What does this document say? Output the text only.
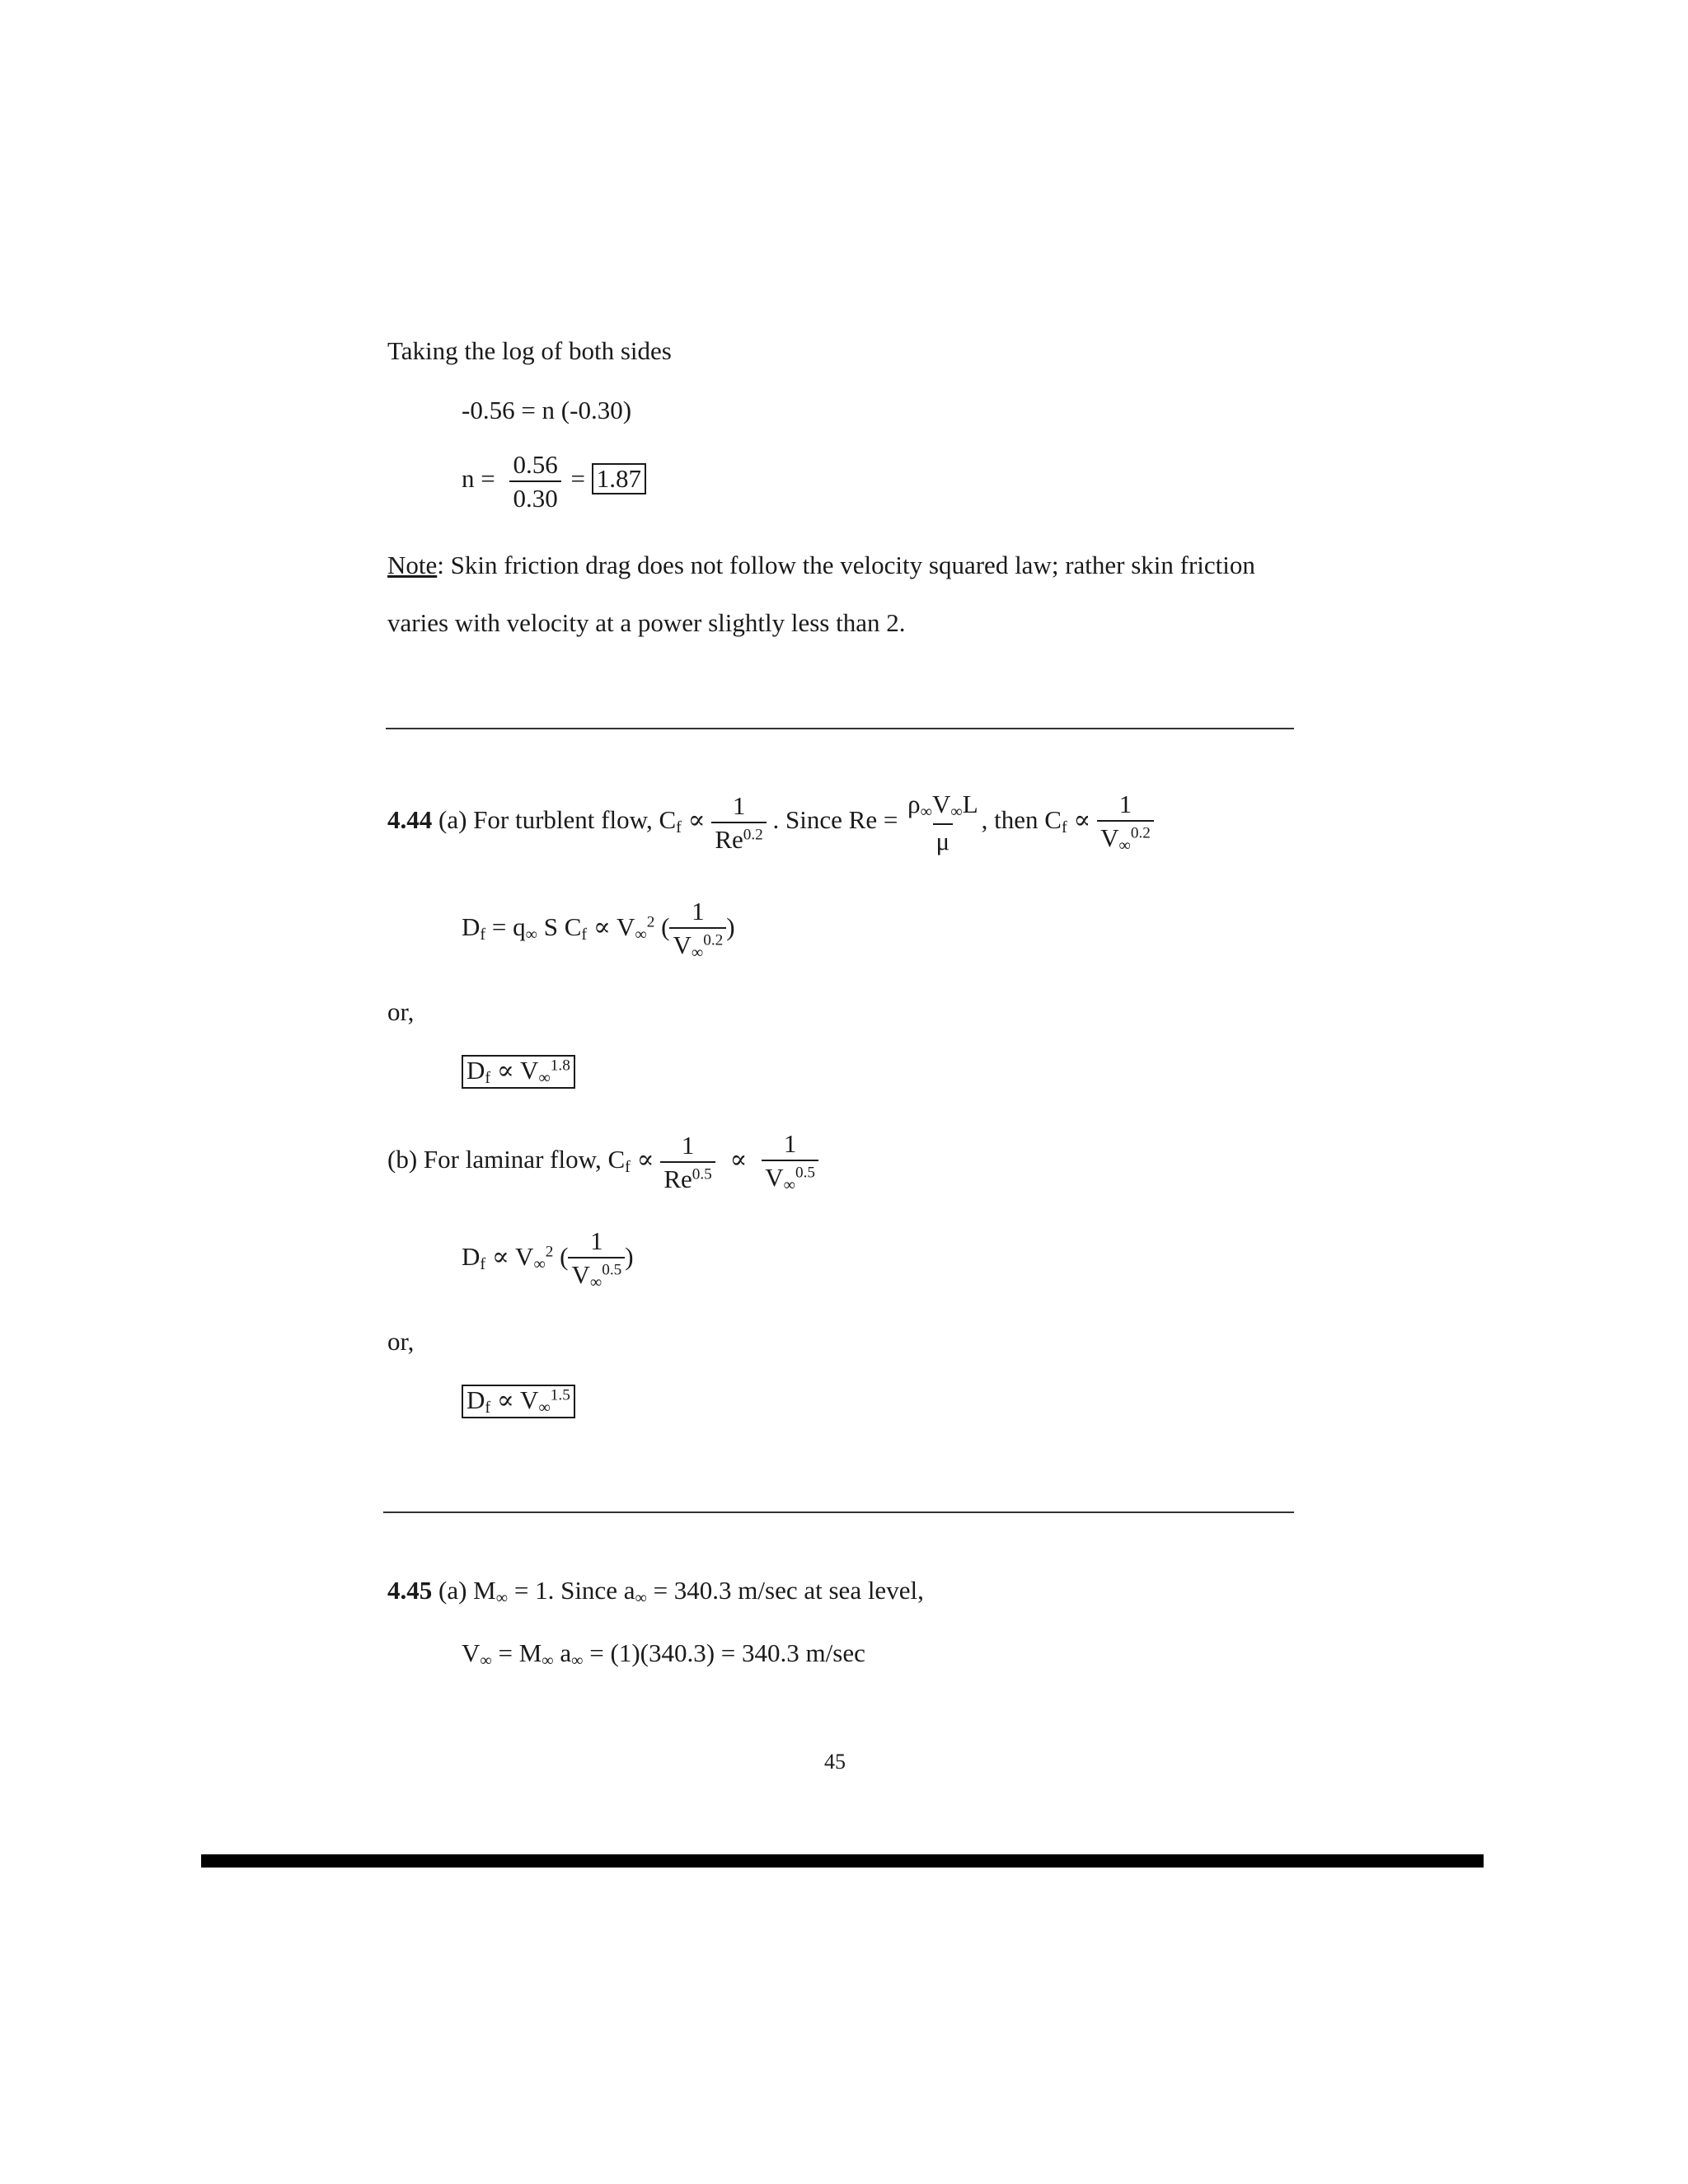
Taking the log of both sides
-0.56 = n (-0.30)
$n = \frac{0.56}{0.30} = 1.87$
Note: Skin friction drag does not follow the velocity squared law; rather skin friction
varies with velocity at a power slightly less than 2.
4.44 (a) For turblent flow, $C_f \propto \frac{1}{Re^{0.2}}$ . Since $Re = \frac{\rho_\infty V_\infty L}{\mu}$ , then $C_f \propto \frac{1}{V_\infty^{0.2}}$
$D_f = q_\infty$ S $C_f \propto V_\infty^2$ ( $\frac{1}{V_\infty^{0.2}}$ )
or,
$D_f \propto V_\infty^{1.8}$
(b) For laminar flow, $C_f \propto \frac{1}{Re^{0.5}} \propto \frac{1}{V_\infty^{0.5}}$
$D_f \propto V_\infty^2$ ( $\frac{1}{V_\infty^{0.5}}$ )
or,
$D_f \propto V_\infty^{1.5}$
4.45 (a) $M_\infty = 1$. Since $a_\infty = 340.3$ m/sec at sea level,
$V_\infty = M_\infty$ $a_\infty = (1)(340.3) = 340.3$ m/sec
45
